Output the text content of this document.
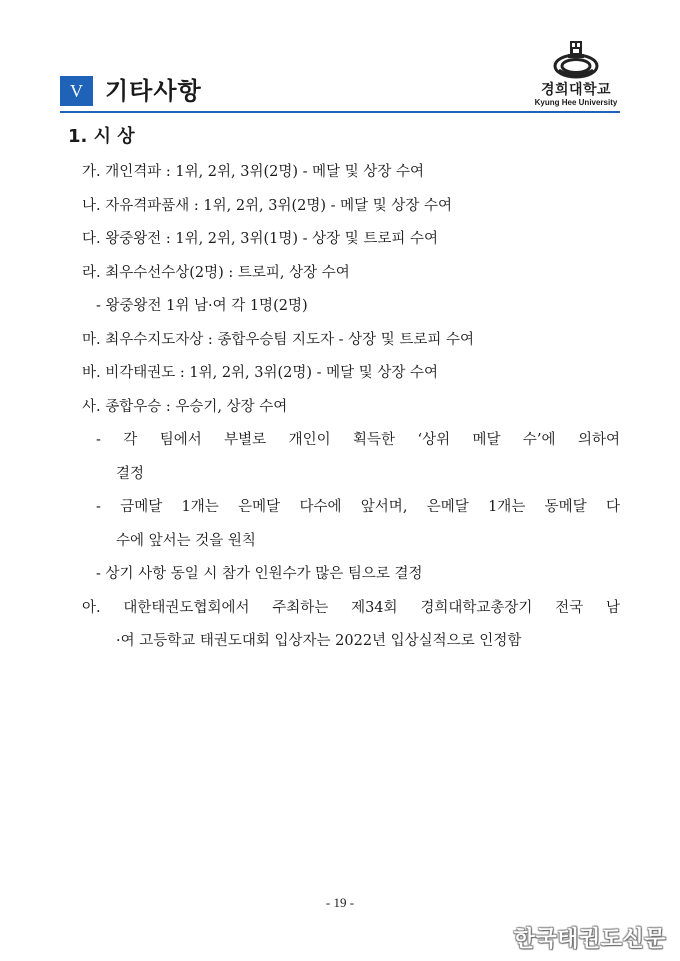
V 기타사항	경희대학교
Kyung Hee University
1. 시 상
가. 개인격파 : 1위, 2위, 3위(2명) - 메달 및 상장 수여
나. 자유격파품새 : 1위, 2위, 3위(2명) - 메달 및 상장 수여
다. 왕중왕전 : 1위, 2위, 3위(1명) - 상장 및 트로피 수여
라. 최우수선수상(2명) : 트로피, 상장 수여
- 왕중왕전 1위 남·여 각 1명(2명)
마. 최우수지도자상 : 종합우승팀 지도자 - 상장 및 트로피 수여
바. 비각태권도 : 1위, 2위, 3위(2명) - 메달 및 상장 수여
사. 종합우승 : 우승기, 상장 수여
- 각 팀에서 부별로 개인이 획득한 ‘상위 메달 수’에 의하여
결정
- 금메달 1개는 은메달 다수에 앞서며, 은메달 1개는 동메달 다
수에 앞서는 것을 원칙
- 상기 사항 동일 시 참가 인원수가 많은 팀으로 결정
아. 대한태권도협회에서 주최하는 제34회 경희대학교총장기 전국 남
·여 고등학교 태권도대회 입상자는 2022년 입상실적으로 인정함
- 19 -
한국태권도신문
